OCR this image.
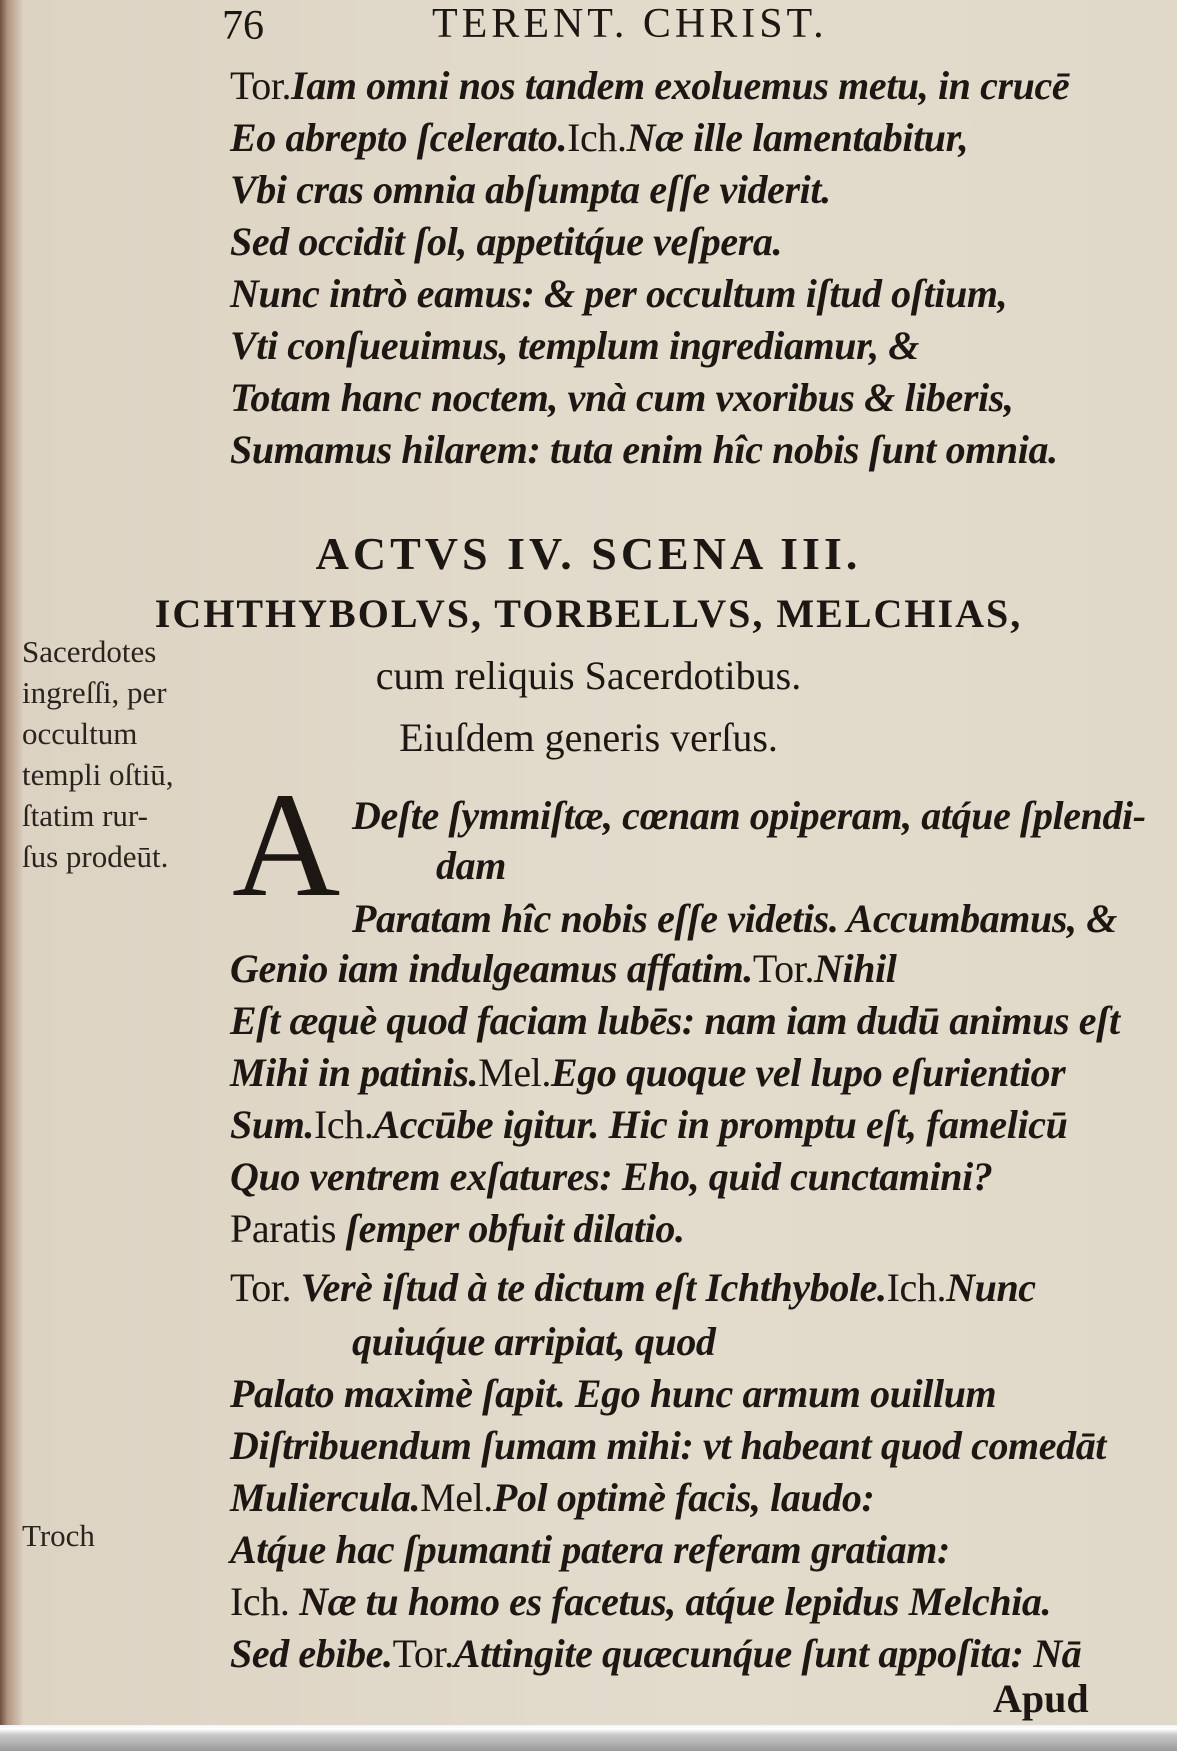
76	TERENT. CHRIST.
Tor.Iam omni nos tandem exoluemus metu, in crucē
Eo abrepto ſcelerato.Ich.Næ ille lamentabitur,
Vbi cras omnia abſumpta eſſe viderit.
Sed occidit ſol, appetitq́ue veſpera.
Nunc intrò eamus: & per occultum iſtud oſtium,
Vti conſueuimus, templum ingrediamur, &
Totam hanc noctem, vnà cum vxoribus & liberis,
Sumamus hilarem: tuta enim hîc nobis ſunt omnia.
ACTVS IV. SCENA III.
ICHTHYBOLVS, TORBELLVS, MELCHIAS,
cum reliquis Sacerdotibus.
Eiuſdem generis verſus.
Sacerdotes
ingreſſi, per
occultum
templi oſtiū,
ſtatim rur-
ſus prodeūt.
Troch
A Deſte ſymmiſtæ, cœnam opiperam, atq́ue ſplendi-
dam
Paratam hîc nobis eſſe videtis. Accumbamus, &
Genio iam indulgeamus affatim.Tor.Nihil
Eſt æquè quod faciam lubēs: nam iam dudū animus eſt
Mihi in patinis.Mel.Ego quoque vel lupo eſurientior
Sum.Ich.Accūbe igitur. Hic in promptu eſt, famelicū
Quo ventrem exſatures: Eho, quid cunctamini?
Paratis ſemper obfuit dilatio.
Tor. Verè iſtud à te dictum eſt Ichthybole.Ich.Nunc
quiuq́ue arripiat, quod
Palato maximè ſapit. Ego hunc armum ouillum
Diſtribuendum ſumam mihi: vt habeant quod comedāt
Muliercula.Mel.Pol optimè facis, laudo:
Atq́ue hac ſpumanti patera referam gratiam:
Ich. Næ tu homo es facetus, atq́ue lepidus Melchia.
Sed ebibe.Tor.Attingite quæcunq́ue ſunt appoſita: Nā
Apud
